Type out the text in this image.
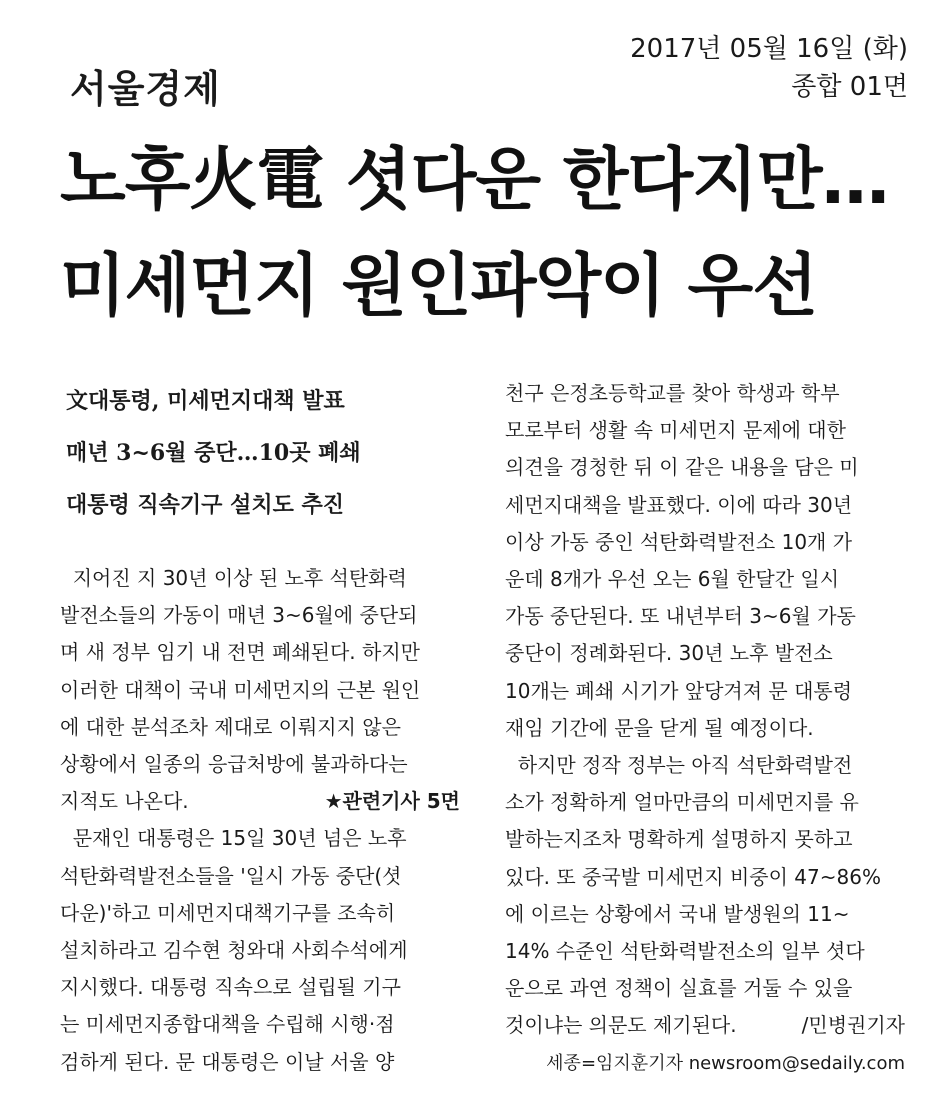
서울경제
2017년 05월 16일 (화)
종합 01면
노후火電 셧다운 한다지만…
미세먼지 원인파악이 우선
文대통령, 미세먼지대책 발표
매년 3~6월 중단…10곳 폐쇄
대통령 직속기구 설치도 추진
지어진 지 30년 이상 된 노후 석탄화력
발전소들의 가동이 매년 3~6월에 중단되
며 새 정부 임기 내 전면 폐쇄된다. 하지만
이러한 대책이 국내 미세먼지의 근본 원인
에 대한 분석조차 제대로 이뤄지지 않은
상황에서 일종의 응급처방에 불과하다는
지적도 나온다.	★관련기사 5면
문재인 대통령은 15일 30년 넘은 노후
석탄화력발전소들을 '일시 가동 중단(셧
다운)'하고 미세먼지대책기구를 조속히
설치하라고 김수현 청와대 사회수석에게
지시했다. 대통령 직속으로 설립될 기구
는 미세먼지종합대책을 수립해 시행·점
검하게 된다. 문 대통령은 이날 서울 양
천구 은정초등학교를 찾아 학생과 학부
모로부터 생활 속 미세먼지 문제에 대한
의견을 경청한 뒤 이 같은 내용을 담은 미
세먼지대책을 발표했다. 이에 따라 30년
이상 가동 중인 석탄화력발전소 10개 가
운데 8개가 우선 오는 6월 한달간 일시
가동 중단된다. 또 내년부터 3~6월 가동
중단이 정례화된다. 30년 노후 발전소
10개는 폐쇄 시기가 앞당겨져 문 대통령
재임 기간에 문을 닫게 될 예정이다.
하지만 정작 정부는 아직 석탄화력발전
소가 정확하게 얼마만큼의 미세먼지를 유
발하는지조차 명확하게 설명하지 못하고
있다. 또 중국발 미세먼지 비중이 47~86%
에 이르는 상황에서 국내 발생원의 11~
14% 수준인 석탄화력발전소의 일부 셧다
운으로 과연 정책이 실효를 거둘 수 있을
것이냐는 의문도 제기된다.	/민병권기자
세종=임지훈기자 newsroom@sedaily.com
